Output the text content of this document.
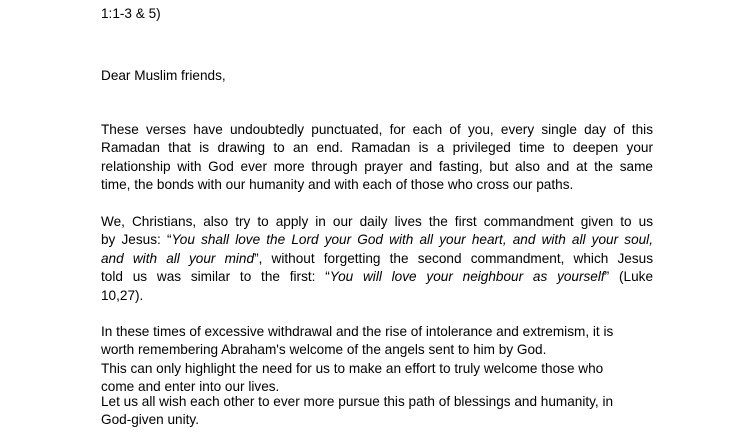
1:1-3 & 5)
Dear Muslim friends,
These verses have undoubtedly punctuated, for each of you, every single day of this
Ramadan that is drawing to an end. Ramadan is a privileged time to deepen your
relationship with God ever more through prayer and fasting, but also and at the same
time, the bonds with our humanity and with each of those who cross our paths.
We, Christians, also try to apply in our daily lives the first commandment given to us
by Jesus: “You shall love the Lord your God with all your heart, and with all your soul,
and with all your mind”, without forgetting the second commandment, which Jesus
told us was similar to the first: “You will love your neighbour as yourself” (Luke
10,27).
In these times of excessive withdrawal and the rise of intolerance and extremism, it is
worth remembering Abraham's welcome of the angels sent to him by God.
This can only highlight the need for us to make an effort to truly welcome those who
come and enter into our lives.
Let us all wish each other to ever more pursue this path of blessings and humanity, in
God-given unity.
